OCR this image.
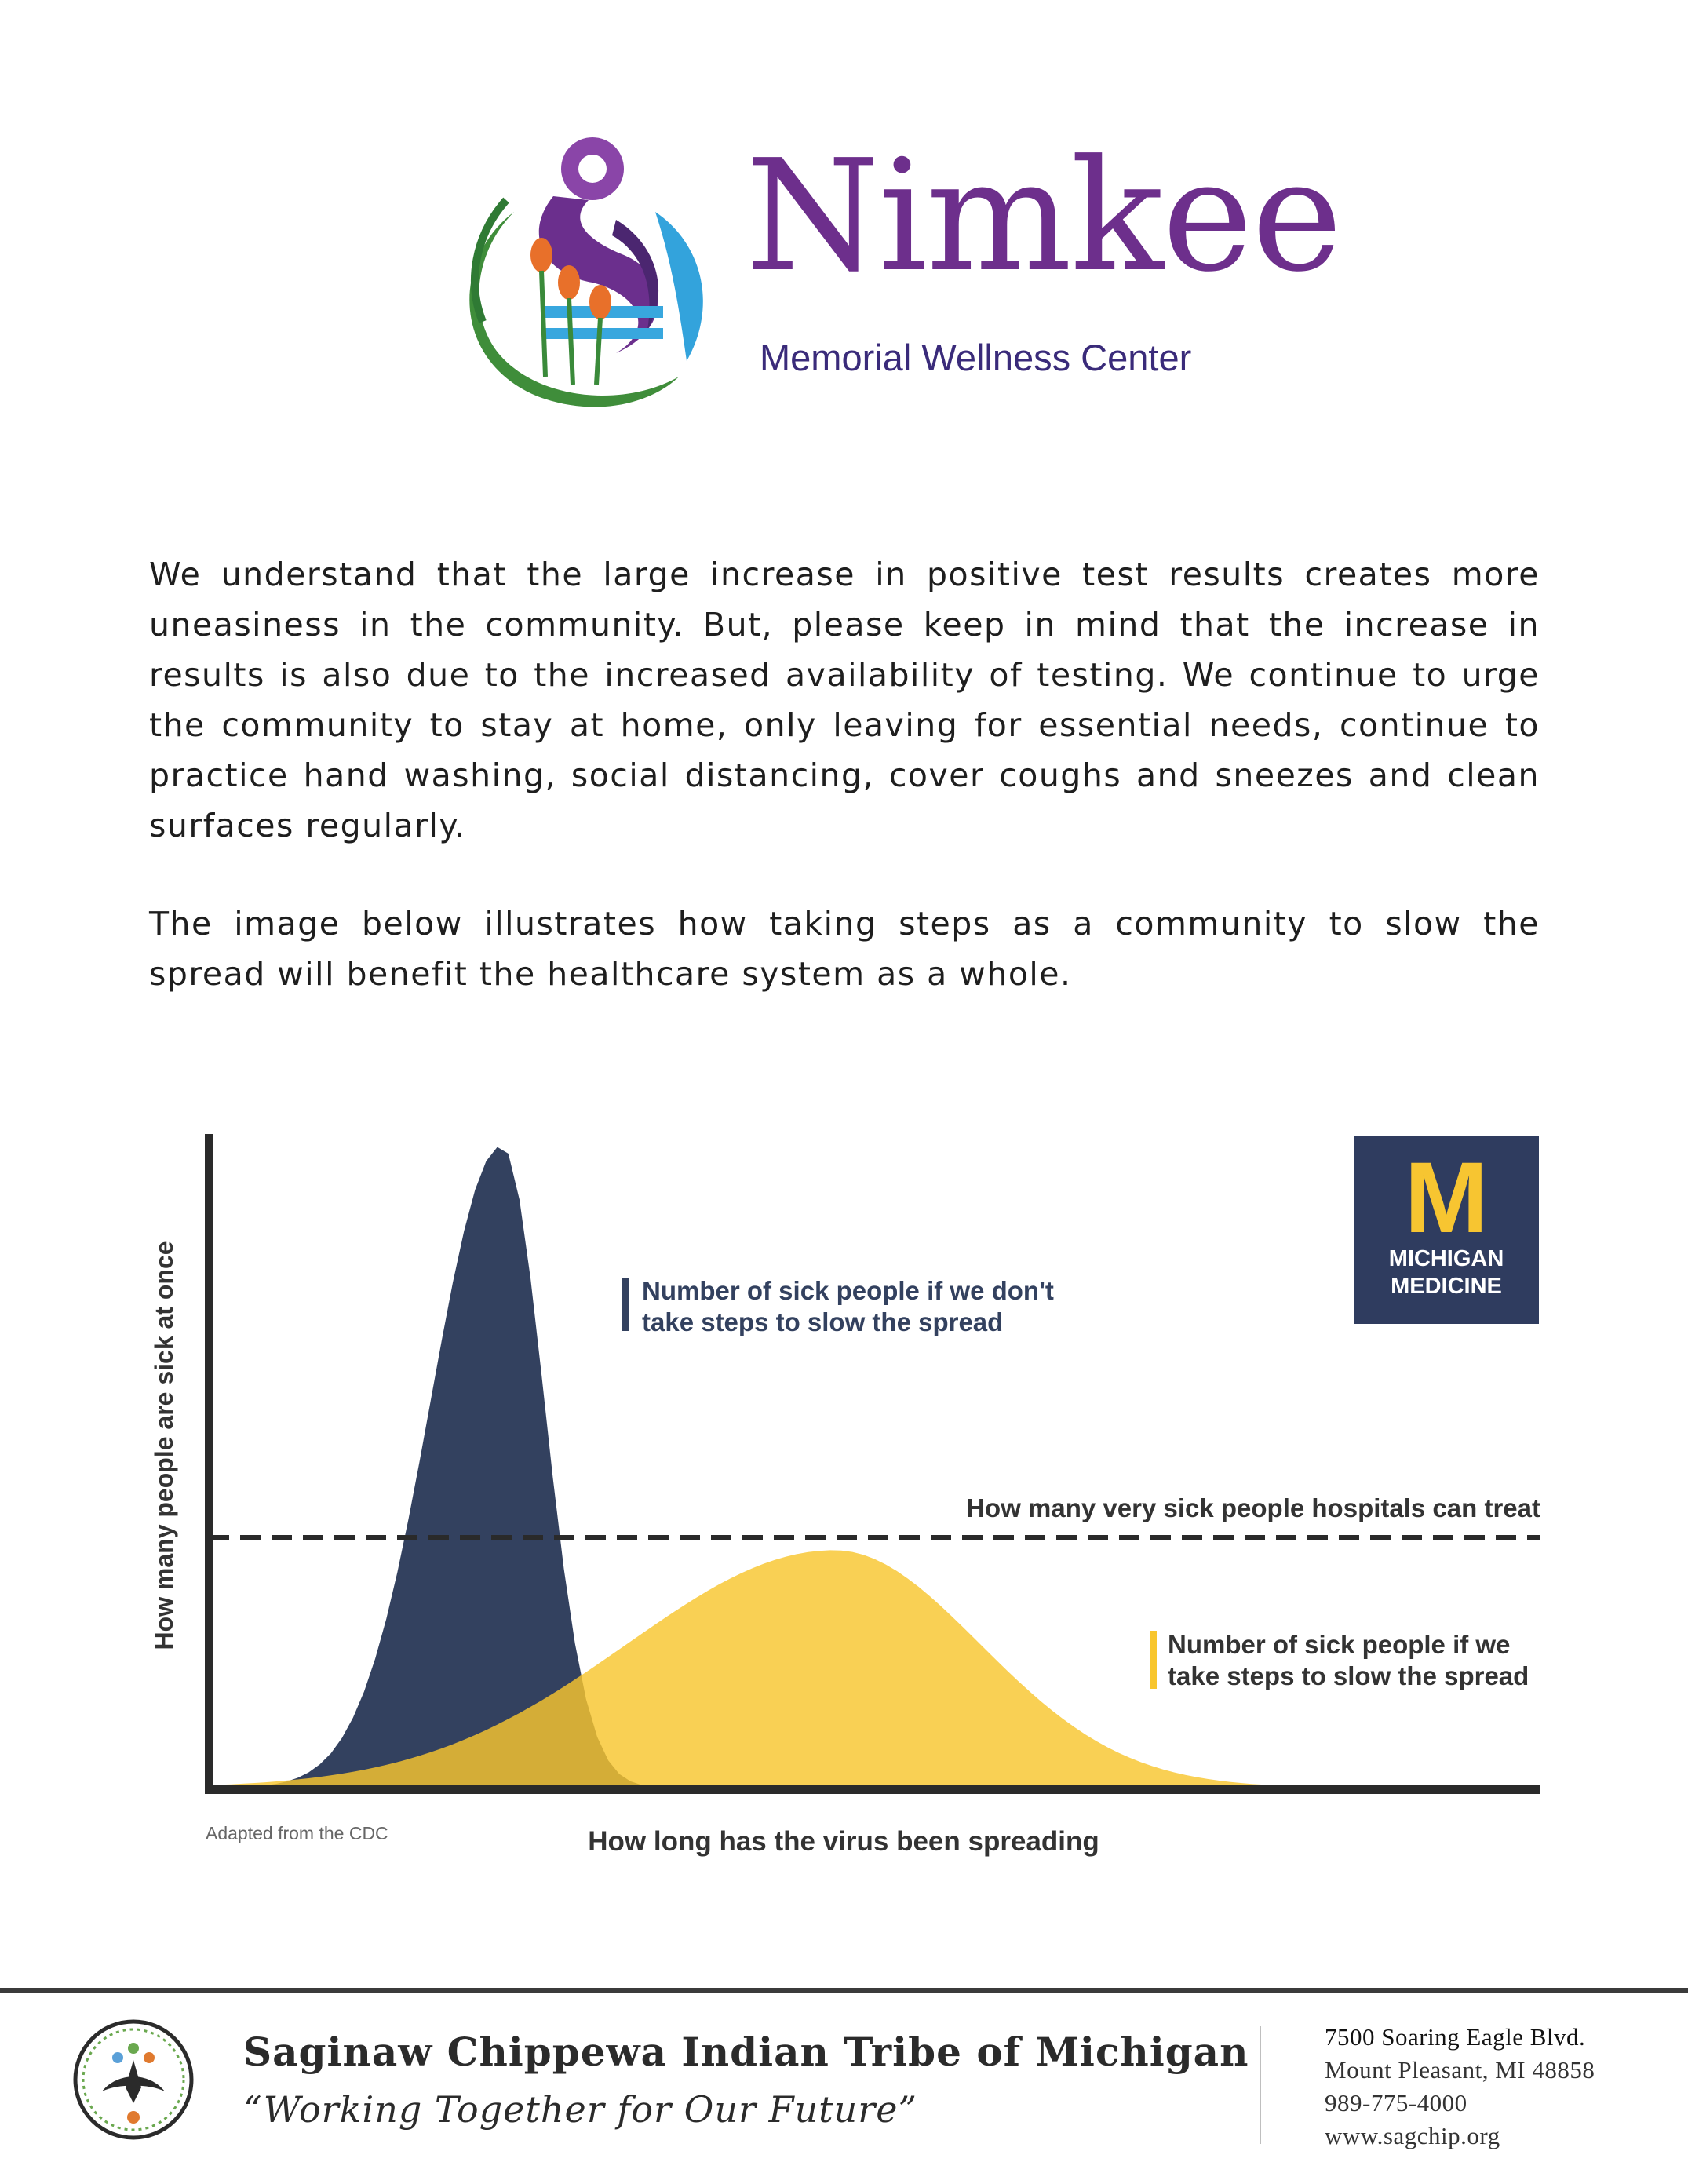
Nimkee
Memorial Wellness Center

We understand that the large increase in positive test results creates more uneasiness in the community. But, please keep in mind that the increase in results is also due to the increased availability of testing. We continue to urge the community to stay at home, only leaving for essential needs, continue to practice hand washing, social distancing, cover coughs and sneezes and clean surfaces regularly.

The image below illustrates how taking steps as a community to slow the spread will benefit the healthcare system as a whole.

How many people are sick at once
How long has the virus been spreading
Adapted from the CDC
How many very sick people hospitals can treat
Number of sick people if we don't
take steps to slow the spread
Number of sick people if we
take steps to slow the spread
M
MICHIGAN
MEDICINE
Saginaw Chippewa Indian Tribe of Michigan
“Working Together for Our Future”
7500 Soaring Eagle Blvd.
Mount Pleasant, MI 48858
989-775-4000
www.sagchip.org
